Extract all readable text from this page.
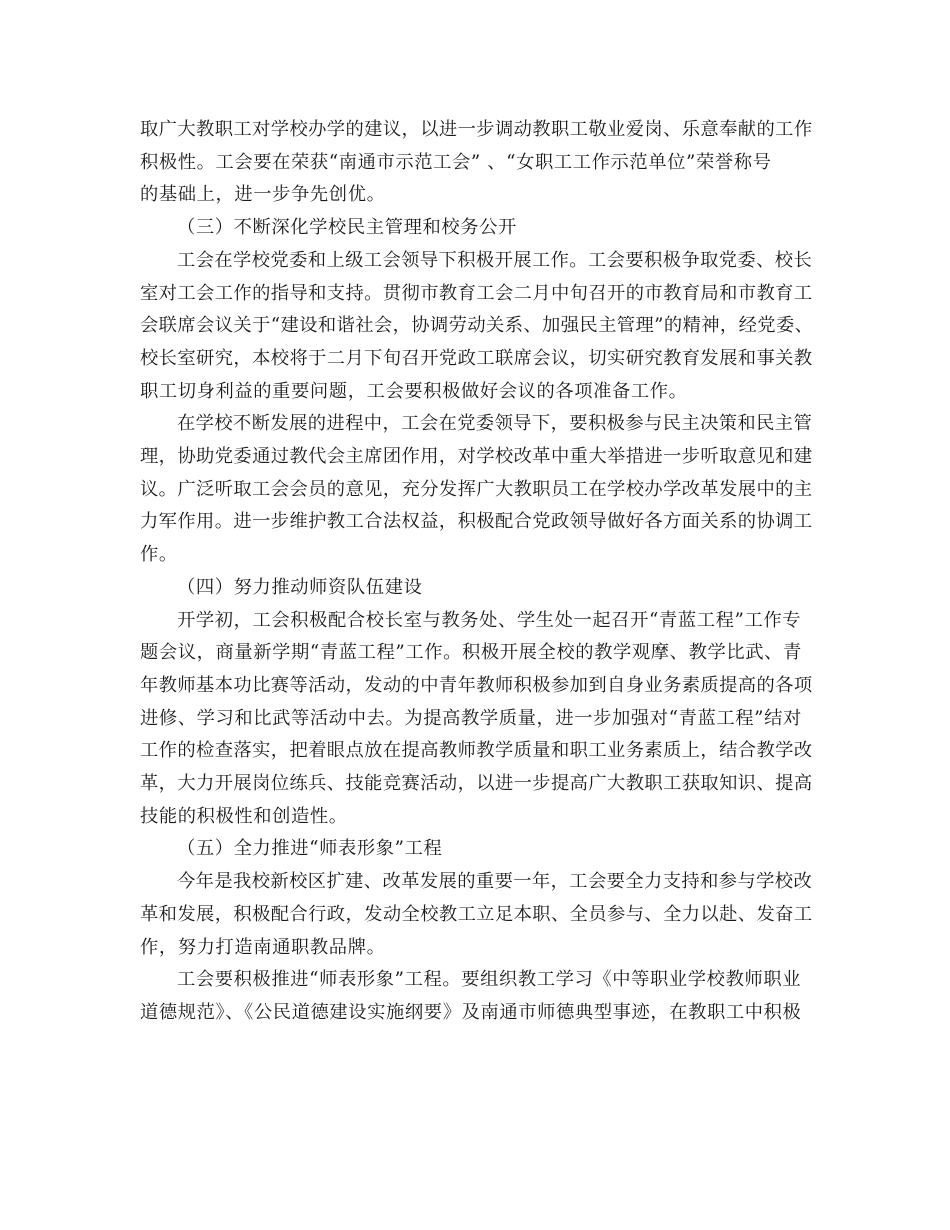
取广大教职工对学校办学的建议，以进一步调动教职工敬业爱岗、乐意奉献的工作

积极性。工会要在荣获“南通市示范工会” 、“女职工工作示范单位”荣誉称号

的基础上，进一步争先创优。

（三）不断深化学校民主管理和校务公开

工会在学校党委和上级工会领导下积极开展工作。工会要积极争取党委、校长

室对工会工作的指导和支持。贯彻市教育工会二月中旬召开的市教育局和市教育工

会联席会议关于“建设和谐社会，协调劳动关系、加强民主管理”的精神，经党委、

校长室研究，本校将于二月下旬召开党政工联席会议，切实研究教育发展和事关教

职工切身利益的重要问题，工会要积极做好会议的各项准备工作。

在学校不断发展的进程中，工会在党委领导下，要积极参与民主决策和民主管

理，协助党委通过教代会主席团作用，对学校改革中重大举措进一步听取意见和建

议。广泛听取工会会员的意见，充分发挥广大教职员工在学校办学改革发展中的主

力军作用。进一步维护教工合法权益，积极配合党政领导做好各方面关系的协调工

作。

（四）努力推动师资队伍建设

开学初，工会积极配合校长室与教务处、学生处一起召开“青蓝工程”工作专

题会议，商量新学期“青蓝工程”工作。积极开展全校的教学观摩、教学比武、青

年教师基本功比赛等活动，发动的中青年教师积极参加到自身业务素质提高的各项

进修、学习和比武等活动中去。为提高教学质量，进一步加强对“青蓝工程”结对

工作的检查落实，把着眼点放在提高教师教学质量和职工业务素质上，结合教学改

革，大力开展岗位练兵、技能竞赛活动，以进一步提高广大教职工获取知识、提高

技能的积极性和创造性。

（五）全力推进“师表形象”工程

今年是我校新校区扩建、改革发展的重要一年，工会要全力支持和参与学校改

革和发展，积极配合行政，发动全校教工立足本职、全员参与、全力以赴、发奋工

作，努力打造南通职教品牌。

工会要积极推进“师表形象”工程。要组织教工学习《中等职业学校教师职业

道德规范》、《公民道德建设实施纲要》及南通市师德典型事迹，在教职工中积极
